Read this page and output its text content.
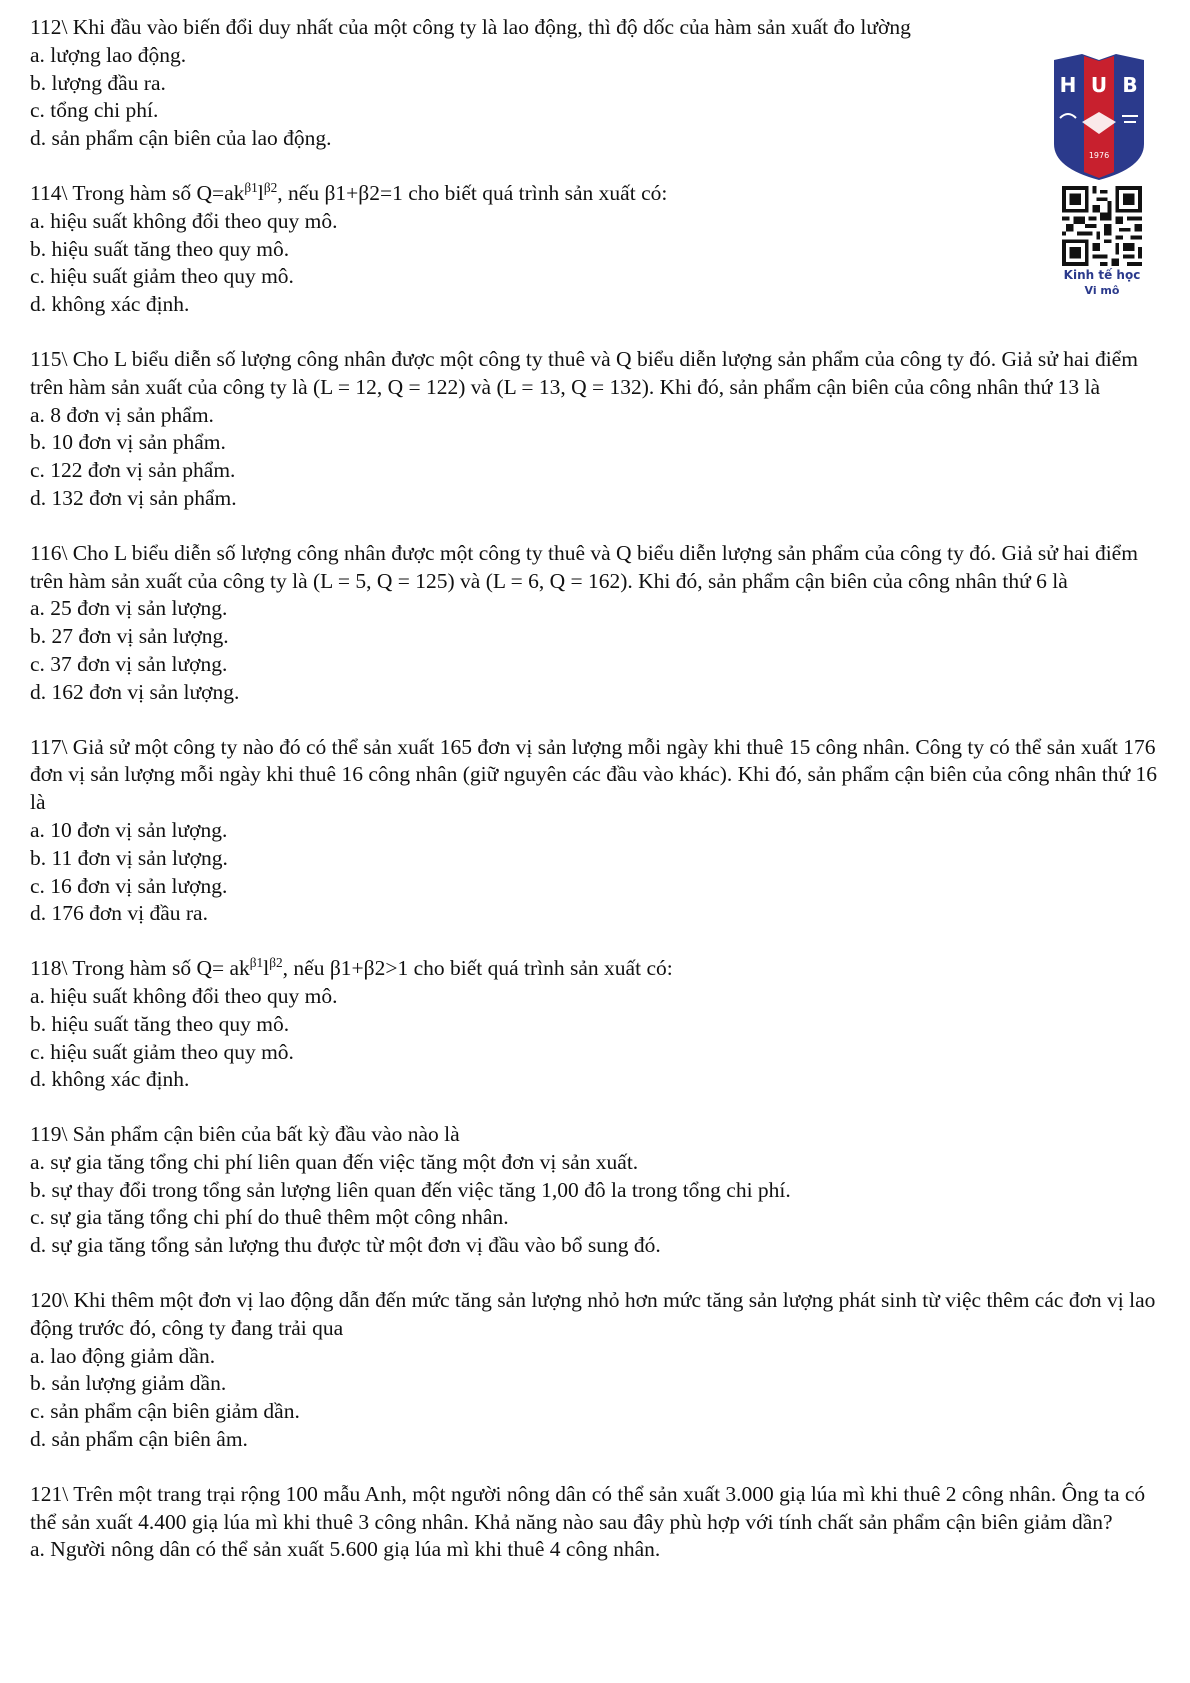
H U B
1976
Kinh tế học
Vi mô

112\ Khi đầu vào biến đổi duy nhất của một công ty là lao động, thì độ dốc của hàm sản xuất đo lường

a. lượng lao động.

b. lượng đầu ra.

c. tổng chi phí.

d. sản phẩm cận biên của lao động.

114\ Trong hàm số $Q=ak^{\beta 1}l^{\beta 2}$, nếu β1+β2=1 cho biết quá trình sản xuất có:

a. hiệu suất không đổi theo quy mô.

b. hiệu suất tăng theo quy mô.

c. hiệu suất giảm theo quy mô.

d. không xác định.

115\ Cho L biểu diễn số lượng công nhân được một công ty thuê và Q biểu diễn lượng sản phẩm của công ty đó. Giả sử hai điểm trên hàm sản xuất của công ty là (L = 12, Q = 122) và (L = 13, Q = 132). Khi đó, sản phẩm cận biên của công nhân thứ 13 là

a. 8 đơn vị sản phẩm.

b. 10 đơn vị sản phẩm.

c. 122 đơn vị sản phẩm.

d. 132 đơn vị sản phẩm.

116\ Cho L biểu diễn số lượng công nhân được một công ty thuê và Q biểu diễn lượng sản phẩm của công ty đó. Giả sử hai điểm trên hàm sản xuất của công ty là (L = 5, Q = 125) và (L = 6, Q = 162). Khi đó, sản phẩm cận biên của công nhân thứ 6 là

a. 25 đơn vị sản lượng.

b. 27 đơn vị sản lượng.

c. 37 đơn vị sản lượng.

d. 162 đơn vị sản lượng.

117\ Giả sử một công ty nào đó có thể sản xuất 165 đơn vị sản lượng mỗi ngày khi thuê 15 công nhân. Công ty có thể sản xuất 176 đơn vị sản lượng mỗi ngày khi thuê 16 công nhân (giữ nguyên các đầu vào khác). Khi đó, sản phẩm cận biên của công nhân thứ 16 là

a. 10 đơn vị sản lượng.

b. 11 đơn vị sản lượng.

c. 16 đơn vị sản lượng.

d. 176 đơn vị đầu ra.

118\ Trong hàm số $Q= ak^{\beta 1}l^{\beta 2}$, nếu β1+β2>1 cho biết quá trình sản xuất có:

a. hiệu suất không đổi theo quy mô.

b. hiệu suất tăng theo quy mô.

c. hiệu suất giảm theo quy mô.

d. không xác định.

119\ Sản phẩm cận biên của bất kỳ đầu vào nào là

a. sự gia tăng tổng chi phí liên quan đến việc tăng một đơn vị sản xuất.

b. sự thay đổi trong tổng sản lượng liên quan đến việc tăng 1,00 đô la trong tổng chi phí.

c. sự gia tăng tổng chi phí do thuê thêm một công nhân.

d. sự gia tăng tổng sản lượng thu được từ một đơn vị đầu vào bổ sung đó.

120\ Khi thêm một đơn vị lao động dẫn đến mức tăng sản lượng nhỏ hơn mức tăng sản lượng phát sinh từ việc thêm các đơn vị lao động trước đó, công ty đang trải qua

a. lao động giảm dần.

b. sản lượng giảm dần.

c. sản phẩm cận biên giảm dần.

d. sản phẩm cận biên âm.

121\ Trên một trang trại rộng 100 mẫu Anh, một người nông dân có thể sản xuất 3.000 giạ lúa mì khi thuê 2 công nhân. Ông ta có thể sản xuất 4.400 giạ lúa mì khi thuê 3 công nhân. Khả năng nào sau đây phù hợp với tính chất sản phẩm cận biên giảm dần?

a. Người nông dân có thể sản xuất 5.600 giạ lúa mì khi thuê 4 công nhân.
